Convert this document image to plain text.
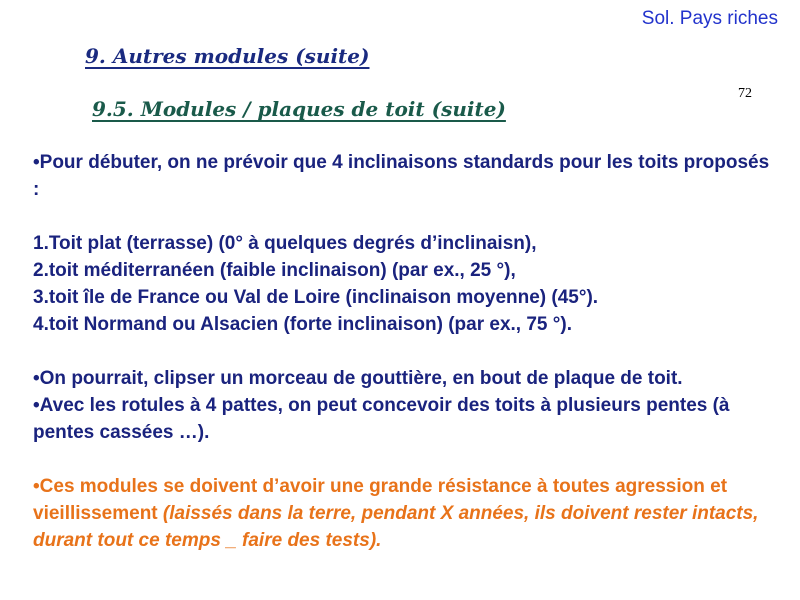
Sol. Pays riches
72
9. Autres modules (suite)
9.5. Modules / plaques de toit (suite)

•Pour débuter, on ne prévoir que 4 inclinaisons standards pour les toits proposés :

1.Toit plat (terrasse) (0° à quelques degrés d’inclinaisn),

2.toit méditerranéen (faible inclinaison) (par ex., 25 °),

3.toit île de France ou Val de Loire (inclinaison moyenne) (45°).

4.toit Normand ou Alsacien (forte inclinaison) (par ex., 75 °).

•On pourrait, clipser un morceau de gouttière, en bout de plaque de toit.

•Avec les rotules à 4 pattes, on peut concevoir des toits à plusieurs pentes (à pentes cassées …).

•Ces modules se doivent d’avoir une grande résistance à toutes agression et vieillissement (laissés dans la terre, pendant X années, ils doivent rester intacts, durant tout ce temps _ faire des tests).
